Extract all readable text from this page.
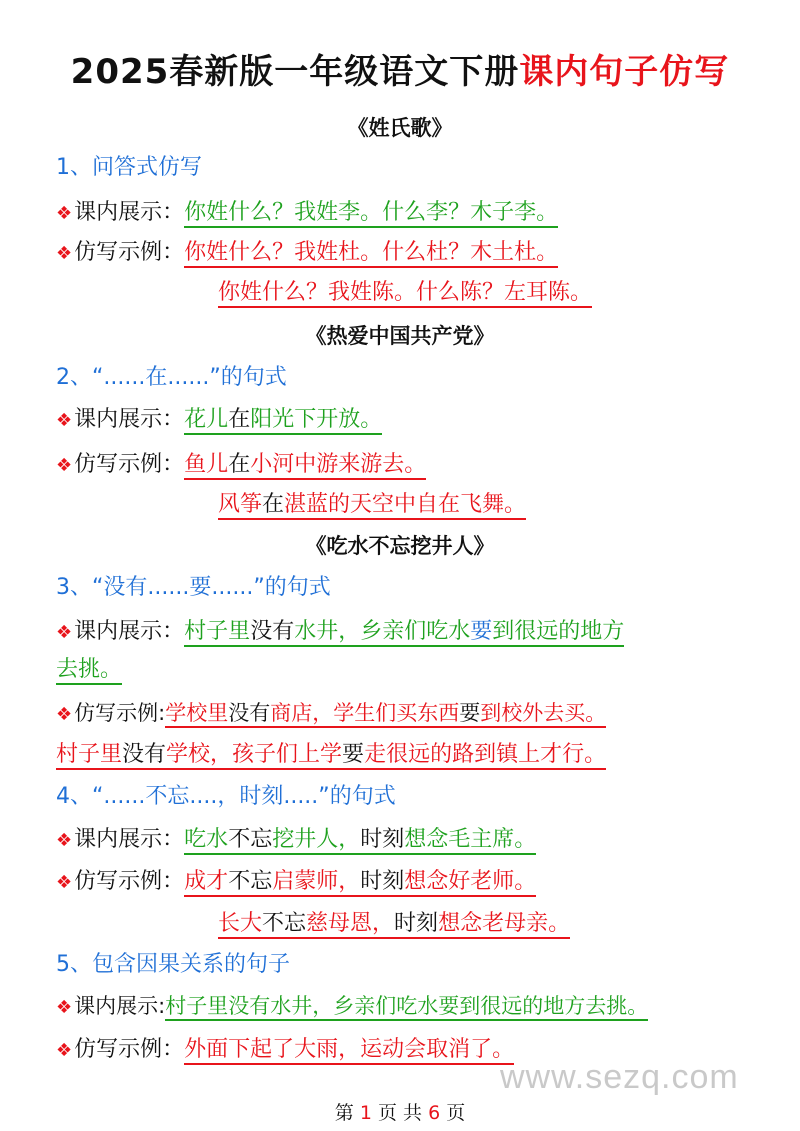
2025春新版一年级语文下册课内句子仿写
《姓氏歌》
1、问答式仿写
❖课内展示：你姓什么？我姓李。什么李？木子李。
❖仿写示例：你姓什么？我姓杜。什么杜？木土杜。
你姓什么？我姓陈。什么陈？左耳陈。
《热爱中国共产党》
2、“......在......”的句式
❖课内展示：花儿在阳光下开放。
❖仿写示例：鱼儿在小河中游来游去。
风筝在湛蓝的天空中自在飞舞。
《吃水不忘挖井人》
3、“没有......要......”的句式
❖课内展示：村子里没有水井，乡亲们吃水要到很远的地方
去挑。
❖仿写示例:学校里没有商店，学生们买东西要到校外去买。
村子里没有学校，孩子们上学要走很远的路到镇上才行。
4、“......不忘....，时刻.....”的句式
❖课内展示：吃水不忘挖井人，时刻想念毛主席。
❖仿写示例：成才不忘启蒙师，时刻想念好老师。
长大不忘慈母恩，时刻想念老母亲。
5、包含因果关系的句子
❖课内展示:村子里没有水井，乡亲们吃水要到很远的地方去挑。
❖仿写示例：外面下起了大雨，运动会取消了。
www.sezq.com
第 1 页 共 6 页
